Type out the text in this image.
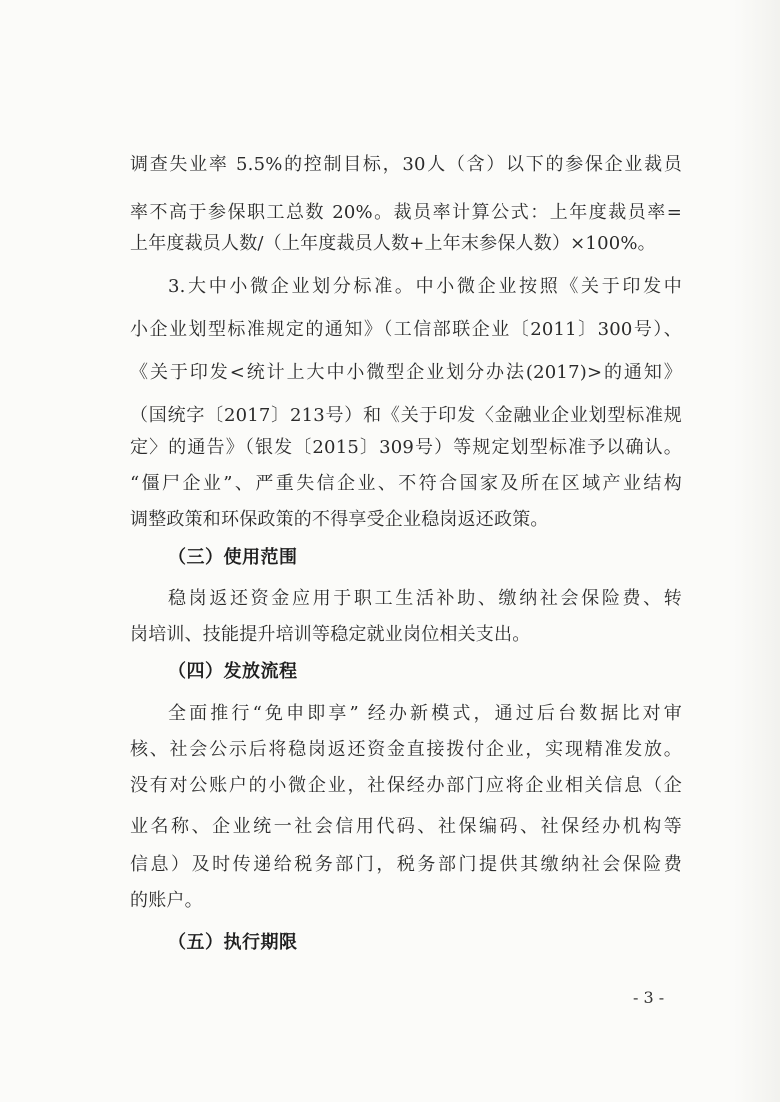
调查失业率 5.5%的控制目标，30人（含）以下的参保企业裁员

率不高于参保职工总数 20%。裁员率计算公式：上年度裁员率=

上年度裁员人数/（上年度裁员人数+上年末参保人数）×100%。

3.大中小微企业划分标准。中小微企业按照《关于印发中

小企业划型标准规定的通知》（工信部联企业〔2011〕300号）、

《关于印发<统计上大中小微型企业划分办法(2017)>的通知》

（国统字〔2017〕213号）和《关于印发〈金融业企业划型标准规

定〉的通告》（银发〔2015〕309号）等规定划型标准予以确认。

“僵尸企业”、严重失信企业、不符合国家及所在区域产业结构

调整政策和环保政策的不得享受企业稳岗返还政策。

（三）使用范围

稳岗返还资金应用于职工生活补助、缴纳社会保险费、转

岗培训、技能提升培训等稳定就业岗位相关支出。

（四）发放流程

全面推行“免申即享” 经办新模式，通过后台数据比对审

核、社会公示后将稳岗返还资金直接拨付企业，实现精准发放。

没有对公账户的小微企业，社保经办部门应将企业相关信息（企

业名称、企业统一社会信用代码、社保编码、社保经办机构等

信息）及时传递给税务部门，税务部门提供其缴纳社会保险费

的账户。

（五）执行期限

- 3 -
